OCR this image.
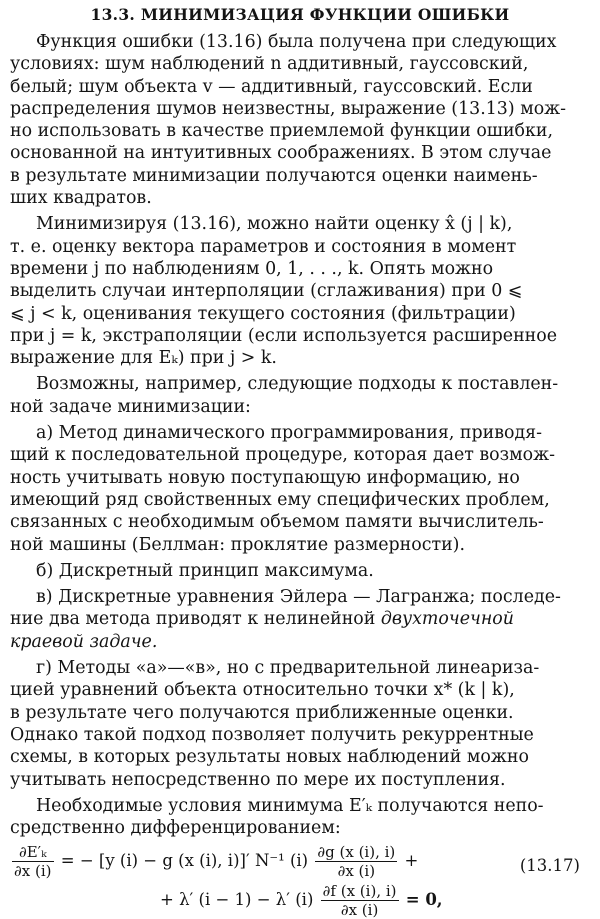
13.3. МИНИМИЗАЦИЯ ФУНКЦИИ ОШИБКИ
Функция ошибки (13.16) была получена при следующих
условиях: шум наблюдений n аддитивный, гауссовский,
белый; шум объекта v — аддитивный, гауссовский. Если
распределения шумов неизвестны, выражение (13.13) мож-
но использовать в качестве приемлемой функции ошибки,
основанной на интуитивных соображениях. В этом случае
в результате минимизации получаются оценки наимень-
ших квадратов.
Минимизируя (13.16), можно найти оценку x̂ (j | k),
т. е. оценку вектора параметров и состояния в момент
времени j по наблюдениям 0, 1, . . ., k. Опять можно
выделить случаи интерполяции (сглаживания) при 0 ⩽
⩽ j < k, оценивания текущего состояния (фильтрации)
при j = k, экстраполяции (если используется расширенное
выражение для Eₖ) при j > k.
Возможны, например, следующие подходы к поставлен-
ной задаче минимизации:
а) Метод динамического программирования, приводя-
щий к последовательной процедуре, которая дает возмож-
ность учитывать новую поступающую информацию, но
имеющий ряд свойственных ему специфических проблем,
связанных с необходимым объемом памяти вычислитель-
ной машины (Беллман: проклятие размерности).
б) Дискретный принцип максимума.
в) Дискретные уравнения Эйлера — Лагранжа; последе-
ние два метода приводят к нелинейной двухточечной
краевой задаче.
г) Методы «а»—«в», но с предварительной линеариза-
цией уравнений объекта относительно точки x* (k | k),
в результате чего получаются приближенные оценки.
Однако такой подход позволяет получить рекуррентные
схемы, в которых результаты новых наблюдений можно
учитывать непосредственно по мере их поступления.
Необходимые условия минимума E′ₖ получаются непо-
средственно дифференцированием:
$\frac{\text{∂E′ₖ}}{\partial x (i)}$ = − [y (i) − g (x (i), i)]′ N⁻¹ $(i) \frac{\partial g (x (i), i)}{\partial x (i)}$ +
+ λ′ (i − 1) − λ′ $(i) \frac{\partial f (x (i), i)}{\partial x (i)} = 0$,
(13.17)
